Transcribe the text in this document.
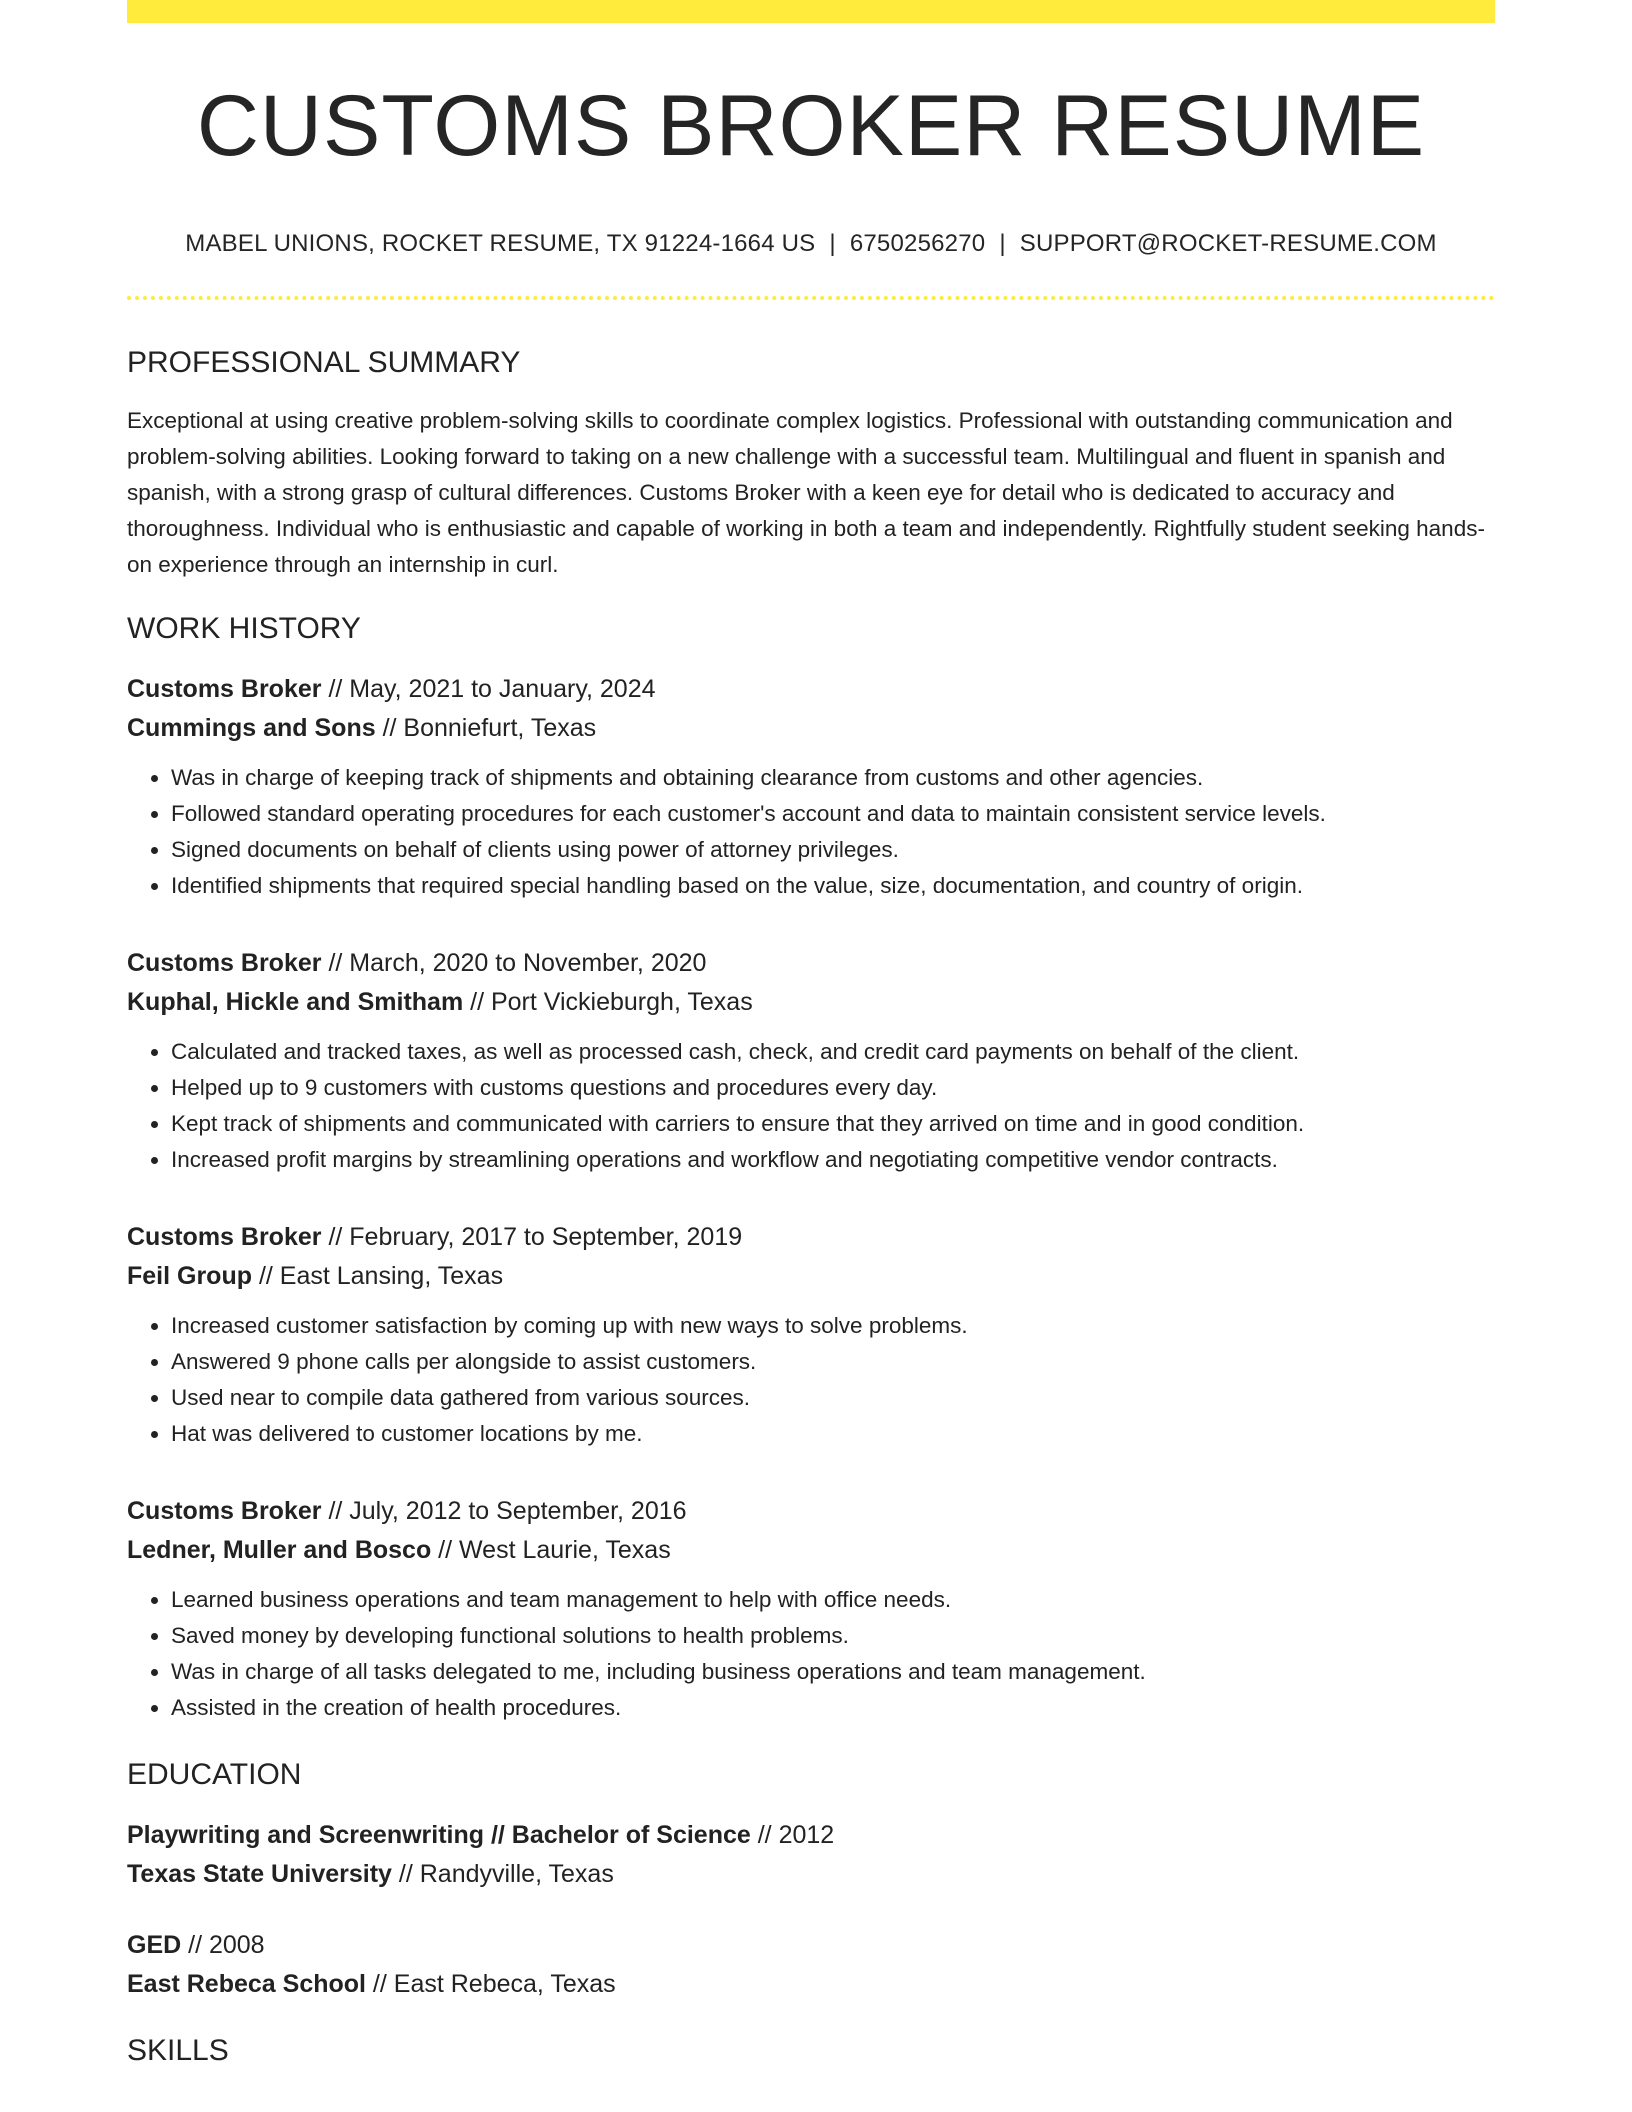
CUSTOMS BROKER RESUME
MABEL UNIONS, ROCKET RESUME, TX 91224-1664 US | 6750256270 | SUPPORT@ROCKET-RESUME.COM
PROFESSIONAL SUMMARY

Exceptional at using creative problem-solving skills to coordinate complex logistics. Professional with outstanding communication and problem-solving abilities. Looking forward to taking on a new challenge with a successful team. Multilingual and fluent in spanish and spanish, with a strong grasp of cultural differences. Customs Broker with a keen eye for detail who is dedicated to accuracy and thoroughness. Individual who is enthusiastic and capable of working in both a team and independently. Rightfully student seeking hands-on experience through an internship in curl.

WORK HISTORY
Customs Broker // May, 2021 to January, 2024
Cummings and Sons // Bonniefurt, Texas
• Was in charge of keeping track of shipments and obtaining clearance from customs and other agencies.
• Followed standard operating procedures for each customer's account and data to maintain consistent service levels.
• Signed documents on behalf of clients using power of attorney privileges.
• Identified shipments that required special handling based on the value, size, documentation, and country of origin.
Customs Broker // March, 2020 to November, 2020
Kuphal, Hickle and Smitham // Port Vickieburgh, Texas
• Calculated and tracked taxes, as well as processed cash, check, and credit card payments on behalf of the client.
• Helped up to 9 customers with customs questions and procedures every day.
• Kept track of shipments and communicated with carriers to ensure that they arrived on time and in good condition.
• Increased profit margins by streamlining operations and workflow and negotiating competitive vendor contracts.
Customs Broker // February, 2017 to September, 2019
Feil Group // East Lansing, Texas
• Increased customer satisfaction by coming up with new ways to solve problems.
• Answered 9 phone calls per alongside to assist customers.
• Used near to compile data gathered from various sources.
• Hat was delivered to customer locations by me.
Customs Broker // July, 2012 to September, 2016
Ledner, Muller and Bosco // West Laurie, Texas
• Learned business operations and team management to help with office needs.
• Saved money by developing functional solutions to health problems.
• Was in charge of all tasks delegated to me, including business operations and team management.
• Assisted in the creation of health procedures.
EDUCATION
Playwriting and Screenwriting // Bachelor of Science // 2012
Texas State University // Randyville, Texas
GED // 2008
East Rebeca School // East Rebeca, Texas
SKILLS
